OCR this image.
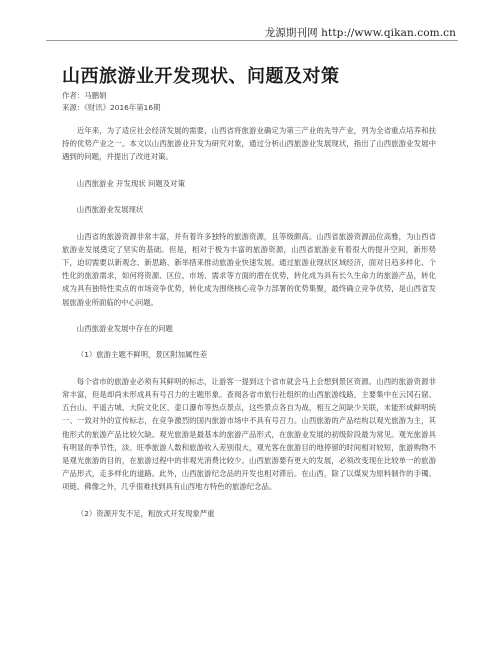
龙源期刊网 http://www.qikan.com.cn
山西旅游业开发现状、问题及对策
作者：马鹏娟
来源：《财讯》2016年第16期

近年来，为了适应社会经济发展的需要，山西省将旅游业确定为第三产业的先导产业，列为全省重点培养和扶持的优势产业之一。本文以山西旅游业开发为研究对象，通过分析山西旅游业发展现状，指出了山西旅游业发展中遇到的问题，并提出了改进对策。

山西旅游业 开发现状 问题及对策

山西旅游业发展现状

山西省的旅游资源非常丰富，并有着许多独特的旅游资源，且等级颇高。山西省旅游资源品位高雅，为山西省旅游业发展奠定了坚实的基础。但是，相对于极为丰富的旅游资源，山西省旅游业有着很大的提升空间，新形势下，迫切需要以新观念、新思路、新举措来推动旅游业快速发展。通过旅游业现状区域经济，面对日趋多样化、个性化的旅游需求，如何将资源、区位、市场、需求等方面的潜在优势，转化成为具有长久生命力的旅游产品，转化成为具有独特性卖点的市场竞争优势，转化成为围绕核心竞争力部署的优势集聚，最终确立竞争优势，是山西省发展旅游业所面临的中心问题。

山西旅游业发展中存在的问题

（1）旅游主题不鲜明，景区附加属性差

每个省市的旅游业必须有其鲜明的标志，让游客一提到这个省市就会马上会想到景区资源。山西的旅游资源非常丰富，但是却尚未形成具有号召力的主题形象。查阅各省市旅行社组织的山西旅游线路，主要集中在云冈石窟、五台山、平遥古城、大院文化区、壶口瀑布等热点景点，这些景点各自为战，相互之间缺少关联，未能形成鲜明统一、一致对外的宣传标志，在竞争激烈的国内旅游市场中不具有号召力。山西旅游的产品结构以观光旅游为主，其他形式的旅游产品比较欠缺。观光旅游是最基本的旅游产品形式，在旅游业发展的初级阶段最为常见。观光旅游具有明显的季节性，淡、旺季旅游人数和旅游收入差别很大，观光客在旅游目的地停留的时间相对较短，旅游购物不是观光旅游的目的，在旅游过程中的非观光消费比较少。山西旅游要有更大的发展，必须改变现在比较单一的旅游产品形式，走多样化的道路。此外，山西旅游纪念品的开发也相对滞后。在山西，除了以煤炭为原料制作的手镯、项链、佛像之外，几乎很难找到具有山西地方特色的旅游纪念品。

（2）资源开发不足，粗放式开发现象严重
